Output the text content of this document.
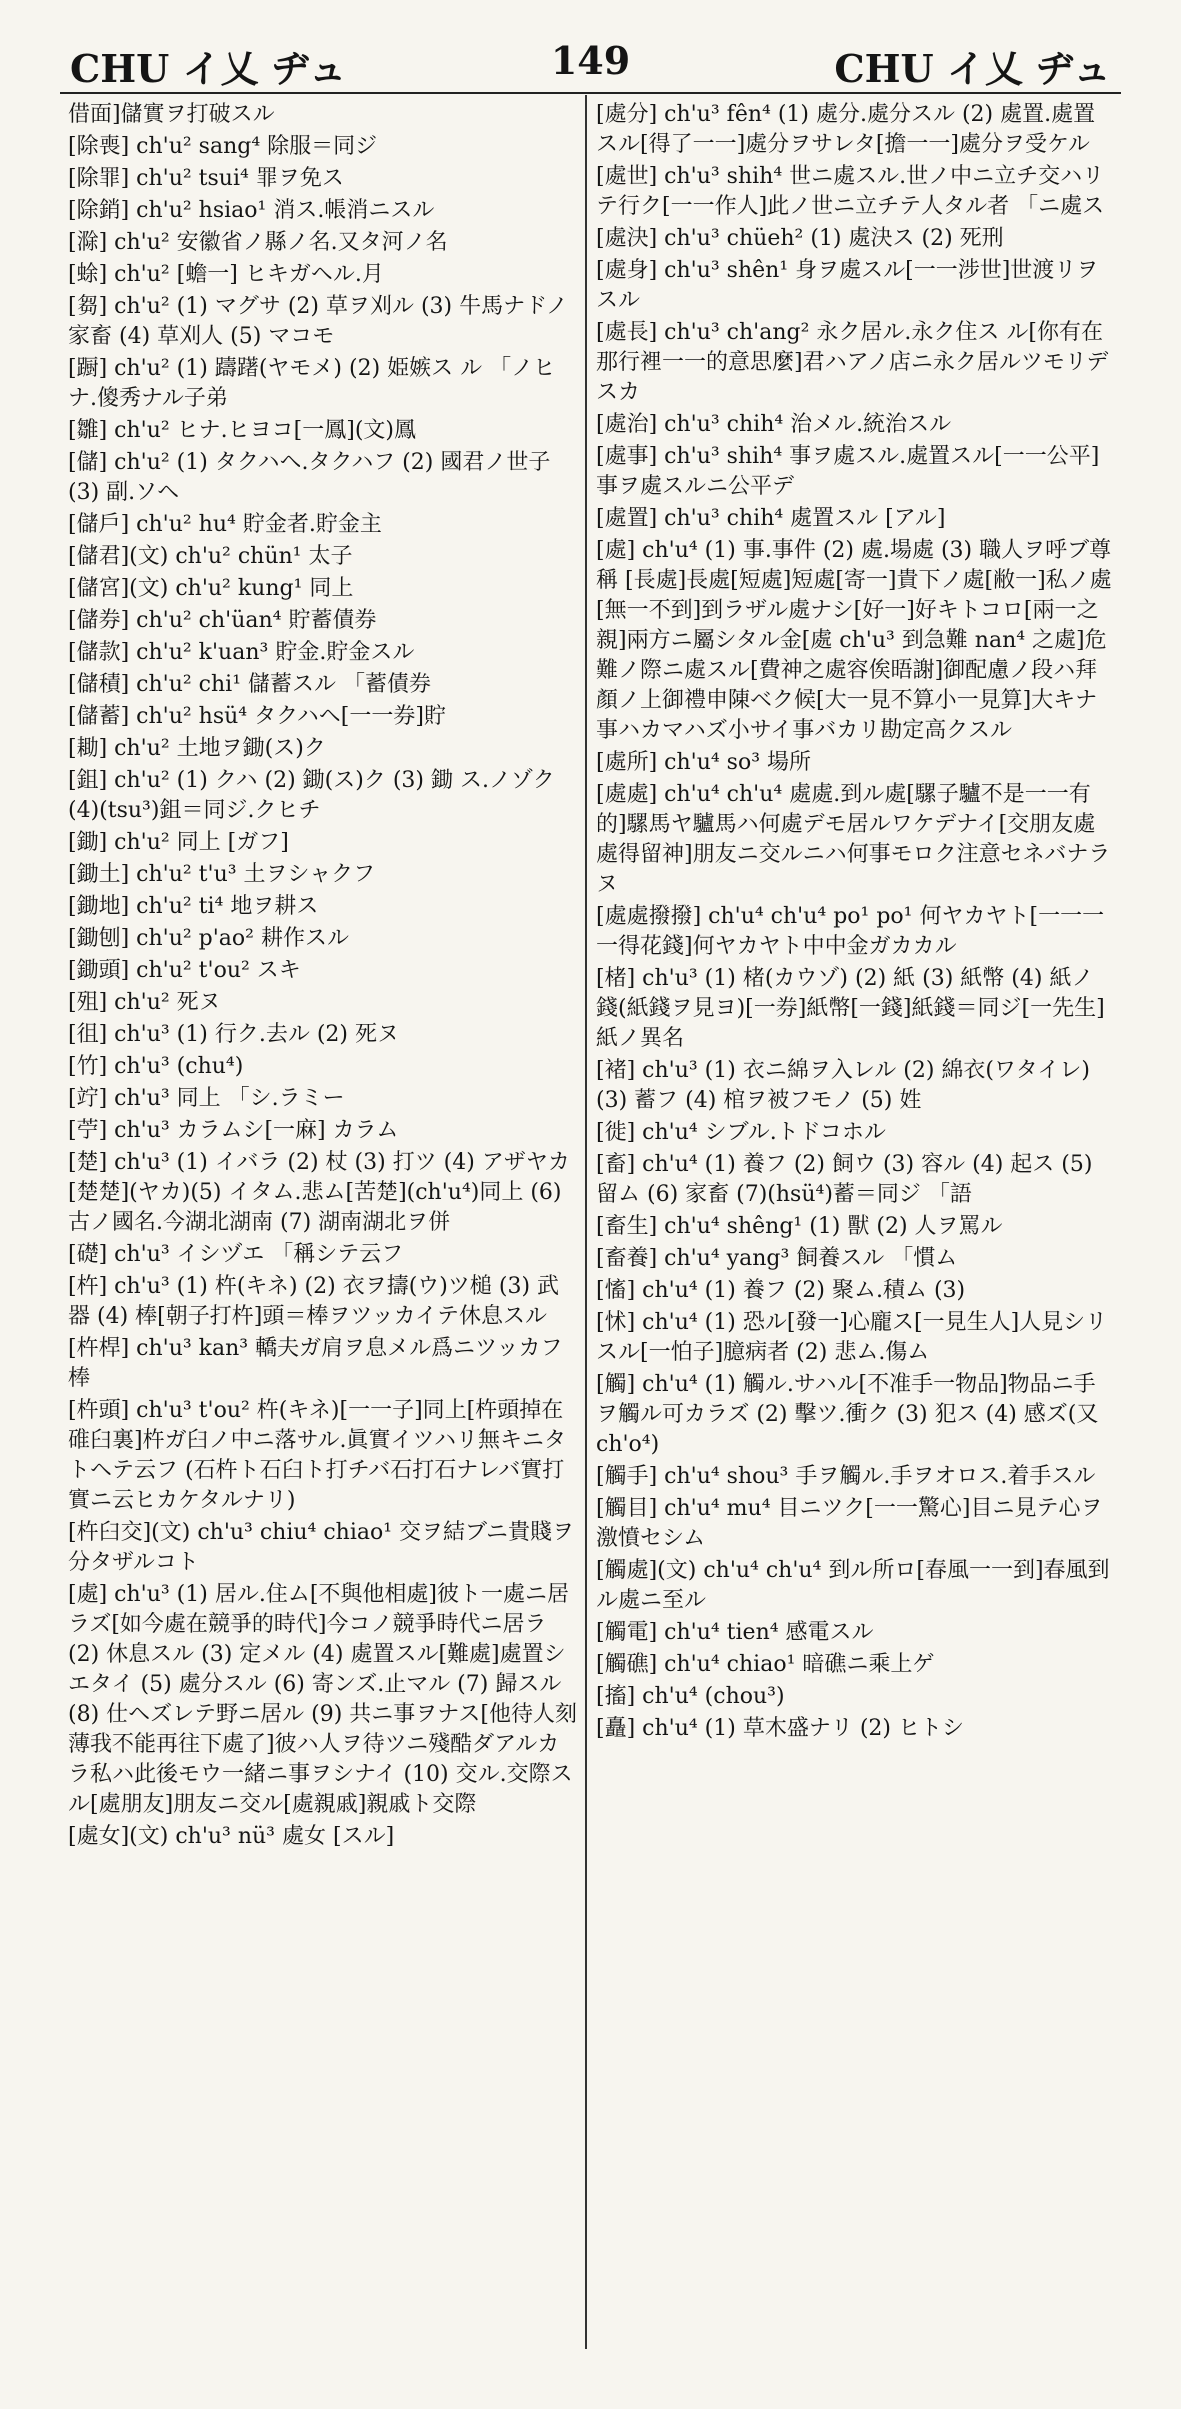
CHU イ乂 ヂュ	149	CHU イ乂 ヂュ
借面]儲實ヲ打破スル
[除喪] ch'u² sang⁴ 除服＝同ジ
[除罪] ch'u² tsui⁴ 罪ヲ免ス
[除銷] ch'u² hsiao¹ 消ス.帳消ニスル
[滁] ch'u² 安徽省ノ縣ノ名.又タ河ノ名
[蜍] ch'u² [蟾一] ヒキガヘル.月
[芻] ch'u² (1) マグサ (2) 草ヲ刈ル (3) 牛馬ナドノ家畜 (4) 草刈人 (5) マコモ
[蹰] ch'u² (1) 躊躇(ヤモメ) (2) 姫嫉ス ル 「ノヒナ.傻秀ナル子弟
[雛] ch'u² ヒナ.ヒヨコ[一鳳](文)鳳
[儲] ch'u² (1) タクハヘ.タクハフ (2) 國君ノ世子 (3) 副.ソヘ
[儲戶] ch'u² hu⁴ 貯金者.貯金主
[儲君](文) ch'u² chün¹ 太子
[儲宮](文) ch'u² kung¹ 同上
[儲券] ch'u² ch'üan⁴ 貯蓄債券
[儲款] ch'u² k'uan³ 貯金.貯金スル
[儲積] ch'u² chi¹ 儲蓄スル 「蓄債券
[儲蓄] ch'u² hsü⁴ タクハヘ[一一券]貯
[耡] ch'u² 土地ヲ鋤(ス)ク
[鉏] ch'u² (1) クハ (2) 鋤(ス)ク (3) 鋤 ス.ノゾク (4)(tsu³)鉏＝同ジ.クヒチ
[鋤] ch'u² 同上 [ガフ]
[鋤土] ch'u² t'u³ 土ヲシャクフ
[鋤地] ch'u² ti⁴ 地ヲ耕ス
[鋤刨] ch'u² p'ao² 耕作スル
[鋤頭] ch'u² t'ou² スキ
[殂] ch'u² 死ヌ
[徂] ch'u³ (1) 行ク.去ル (2) 死ヌ
[竹] ch'u³ (chu⁴)
[竚] ch'u³ 同上 「シ.ラミー
[苧] ch'u³ カラムシ[一麻] カラム
[楚] ch'u³ (1) イバラ (2) 杖 (3) 打ツ (4) アザヤカ[楚楚](ヤカ)(5) イタム.悲ム[苦楚](ch'u⁴)同上 (6) 古ノ國名.今湖北湖南 (7) 湖南湖北ヲ併
[礎] ch'u³ イシヅエ 「稱シテ云フ
[杵] ch'u³ (1) 杵(キネ) (2) 衣ヲ擣(ウ)ツ槌 (3) 武器 (4) 棒[朝子打杵]頭＝棒ヲツッカイテ休息スル
[杵桿] ch'u³ kan³ 轎夫ガ肩ヲ息メル爲ニツッカフ棒
[杵頭] ch'u³ t'ou² 杵(キネ)[一一子]同上[杵頭掉在碓臼裏]杵ガ臼ノ中ニ落サル.眞實イツハリ無キニタトヘテ云フ (石杵ト石臼ト打チバ石打石ナレバ實打實ニ云ヒカケタルナリ)
[杵臼交](文) ch'u³ chiu⁴ chiao¹ 交ヲ結ブニ貴賤ヲ分タザルコト
[處] ch'u³ (1) 居ル.住ム[不與他相處]彼ト一處ニ居ラズ[如今處在競爭的時代]今コノ競爭時代ニ居ラ (2) 休息スル (3) 定メル (4) 處置スル[難處]處置シエタイ (5) 處分スル (6) 寄ンズ.止マル (7) 歸スル (8) 仕ヘズレテ野ニ居ル (9) 共ニ事ヲナス[他待人刻薄我不能再往下處了]彼ハ人ヲ待ツニ殘酷ダアルカラ私ハ此後モウ一緒ニ事ヲシナイ (10) 交ル.交際スル[處朋友]朋友ニ交ル[處親戚]親戚ト交際
[處女](文) ch'u³ nü³ 處女 [スル]
[處分] ch'u³ fên⁴ (1) 處分.處分スル (2) 處置.處置スル[得了一一]處分ヲサレタ[擔一一]處分ヲ受ケル
[處世] ch'u³ shih⁴ 世ニ處スル.世ノ中ニ立チ交ハリテ行ク[一一作人]此ノ世ニ立チテ人タル者 「ニ處ス
[處決] ch'u³ chüeh² (1) 處決ス (2) 死刑
[處身] ch'u³ shên¹ 身ヲ處スル[一一涉世]世渡リヲスル
[處長] ch'u³ ch'ang² 永ク居ル.永ク住ス ル[你有在那行裡一一的意思麼]君ハアノ店ニ永ク居ルツモリデスカ
[處治] ch'u³ chih⁴ 治メル.統治スル
[處事] ch'u³ shih⁴ 事ヲ處スル.處置スル[一一公平]事ヲ處スルニ公平デ
[處置] ch'u³ chih⁴ 處置スル [アル]
[處] ch'u⁴ (1) 事.事件 (2) 處.場處 (3) 職人ヲ呼ブ尊稱 [長處]長處[短處]短處[寄一]貴下ノ處[敝一]私ノ處[無一不到]到ラザル處ナシ[好一]好キトコロ[兩一之親]兩方ニ屬シタル金[處 ch'u³ 到急難 nan⁴ 之處]危難ノ際ニ處スル[費神之處容俟晤謝]御配慮ノ段ハ拜顏ノ上御禮申陳ベク候[大一見不算小一見算]大キナ事ハカマハズ小サイ事バカリ勘定高クスル
[處所] ch'u⁴ so³ 場所
[處處] ch'u⁴ ch'u⁴ 處處.到ル處[騾子驢不是一一有的]騾馬ヤ驢馬ハ何處デモ居ルワケデナイ[交朋友處處得留神]朋友ニ交ルニハ何事モロク注意セネバナラヌ
[處處撥撥] ch'u⁴ ch'u⁴ po¹ po¹ 何ヤカヤト[一一一一得花錢]何ヤカヤト中中金ガカカル
[楮] ch'u³ (1) 楮(カウゾ) (2) 紙 (3) 紙幣 (4) 紙ノ錢(紙錢ヲ見ヨ)[一券]紙幣[一錢]紙錢＝同ジ[一先生]紙ノ異名
[褚] ch'u³ (1) 衣ニ綿ヲ入レル (2) 綿衣(ワタイレ) (3) 蓄フ (4) 棺ヲ被フモノ (5) 姓
[徙] ch'u⁴ シブル.トドコホル
[畜] ch'u⁴ (1) 養フ (2) 飼ウ (3) 容ル (4) 起ス (5) 留ム (6) 家畜 (7)(hsü⁴)蓄＝同ジ 「語
[畜生] ch'u⁴ shêng¹ (1) 獸 (2) 人ヲ罵ル
[畜養] ch'u⁴ yang³ 飼養スル 「慣ム
[慉] ch'u⁴ (1) 養フ (2) 聚ム.積ム (3)
[怵] ch'u⁴ (1) 恐ル[發一]心龐ス[一見生人]人見シリスル[一怕子]臆病者 (2) 悲ム.傷ム
[觸] ch'u⁴ (1) 觸ル.サハル[不准手一物品]物品ニ手ヲ觸ル可カラズ (2) 擊ツ.衝ク (3) 犯ス (4) 感ズ(又ch'o⁴)
[觸手] ch'u⁴ shou³ 手ヲ觸ル.手ヲオロス.着手スル
[觸目] ch'u⁴ mu⁴ 目ニツク[一一驚心]目ニ見テ心ヲ激憤セシム
[觸處](文) ch'u⁴ ch'u⁴ 到ル所ロ[春風一一到]春風到ル處ニ至ル
[觸電] ch'u⁴ tien⁴ 感電スル
[觸礁] ch'u⁴ chiao¹ 暗礁ニ乘上ゲ
[搐] ch'u⁴ (chou³)
[矗] ch'u⁴ (1) 草木盛ナリ (2) ヒトシ
